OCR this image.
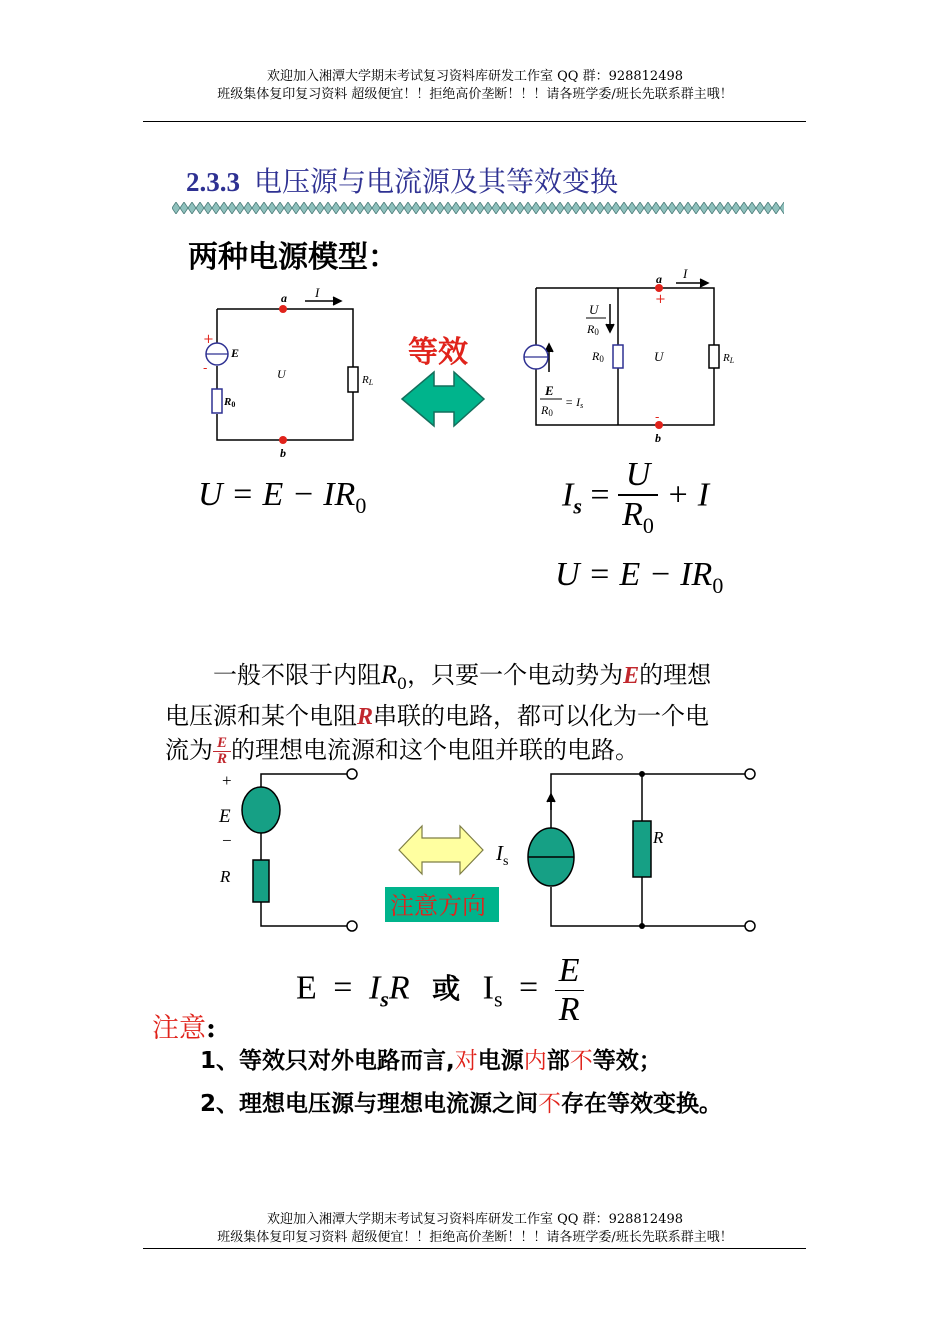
欢迎加入湘潭大学期末考试复习资料库研发工作室 QQ 群：928812498
班级集体复印复习资料 超级便宜！！拒绝高价垄断！！！请各班学委/班长先联系群主哦！
2.3.3 电压源与电流源及其等效变换
a
b
I
E
+
-	U
R0
RL
等效
a
b
I
+
-
U
R0
R0	U	RL
E
R0
= Is
+
E
−
R
注意方向
$I_s$
R
两种电源模型：
$U = E - IR_0$	$I_s = \frac{U}{R_0} + I$
$U = E - IR_0$
一般不限于内阻$R_0$，只要一个电动势为E的理想
电压源和某个电阻R串联的电路，都可以化为一个电
流为 $\frac{E}{R}$ 的理想电流源和这个电阻并联的电路。
$E = I_sR$ 或 $I_s = \frac{E}{R}$
注意:
1、等效只对外电路而言,对电源内部不等效；
2、理想电压源与理想电流源之间不存在等效变换。
欢迎加入湘潭大学期末考试复习资料库研发工作室 QQ 群：928812498
班级集体复印复习资料 超级便宜！！拒绝高价垄断！！！请各班学委/班长先联系群主哦！
